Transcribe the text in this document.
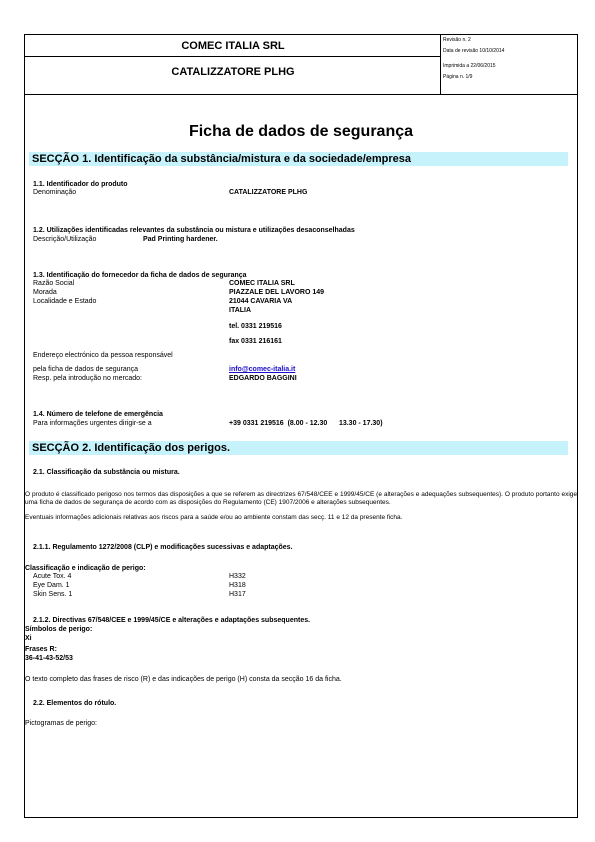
COMEC ITALIA SRL
CATALIZZATORE PLHG
Revisão n. 2
Data de revisão 10/10/2014
Imprimida a 22/06/2015
Página n. 1/9
Ficha de dados de segurança
SECÇÃO 1. Identificação da substância/mistura e da sociedade/empresa
1.1. Identificador do produto
Denominação	CATALIZZATORE PLHG
1.2. Utilizações identificadas relevantes da substância ou mistura e utilizações desaconselhadas
Descrição/Utilização	Pad Printing hardener.
1.3. Identificação do fornecedor da ficha de dados de segurança
Razão Social	COMEC ITALIA SRL
Morada	PIAZZALE DEL LAVORO 149
Localidade e Estado	21044 CAVARIA VA
ITALIA
tel. 0331 219516
fax 0331 216161
Endereço electrónico da pessoa responsável
pela ficha de dados de segurança	info@comec-italia.it
Resp. pela introdução no mercado:	EDGARDO BAGGINI
1.4. Número de telefone de emergência
Para informações urgentes dirigir-se a	+39 0331 219516  (8.00 - 12.30      13.30 - 17.30)
SECÇÃO 2. Identificação dos perigos.
2.1. Classificação da substância ou mistura.
O produto é classificado perigoso nos termos das disposições a que se referem as directrizes 67/548/CEE e 1999/45/CE (e alterações e adequações subsequentes). O produto portanto exige uma ficha de dados de segurança de acordo com as disposições do Regulamento (CE) 1907/2006 e alterações subsequentes.
Eventuais informações adicionais relativas aos riscos para a saúde e/ou ao ambiente constam das secç. 11 e 12 da presente ficha.
2.1.1. Regulamento 1272/2008 (CLP) e modificações sucessivas e adaptações.
Classificação e indicação de perigo:
Acute Tox. 4	H332
Eye Dam. 1	H318
Skin Sens. 1	H317
2.1.2. Directivas 67/548/CEE e 1999/45/CE e alterações e adaptações subsequentes.
Símbolos de perigo:
Xi
Frases R:
36-41-43-52/53
O texto completo das frases de risco (R) e das indicações de perigo (H) consta da secção 16 da ficha.
2.2. Elementos do rótulo.
Pictogramas de perigo:
